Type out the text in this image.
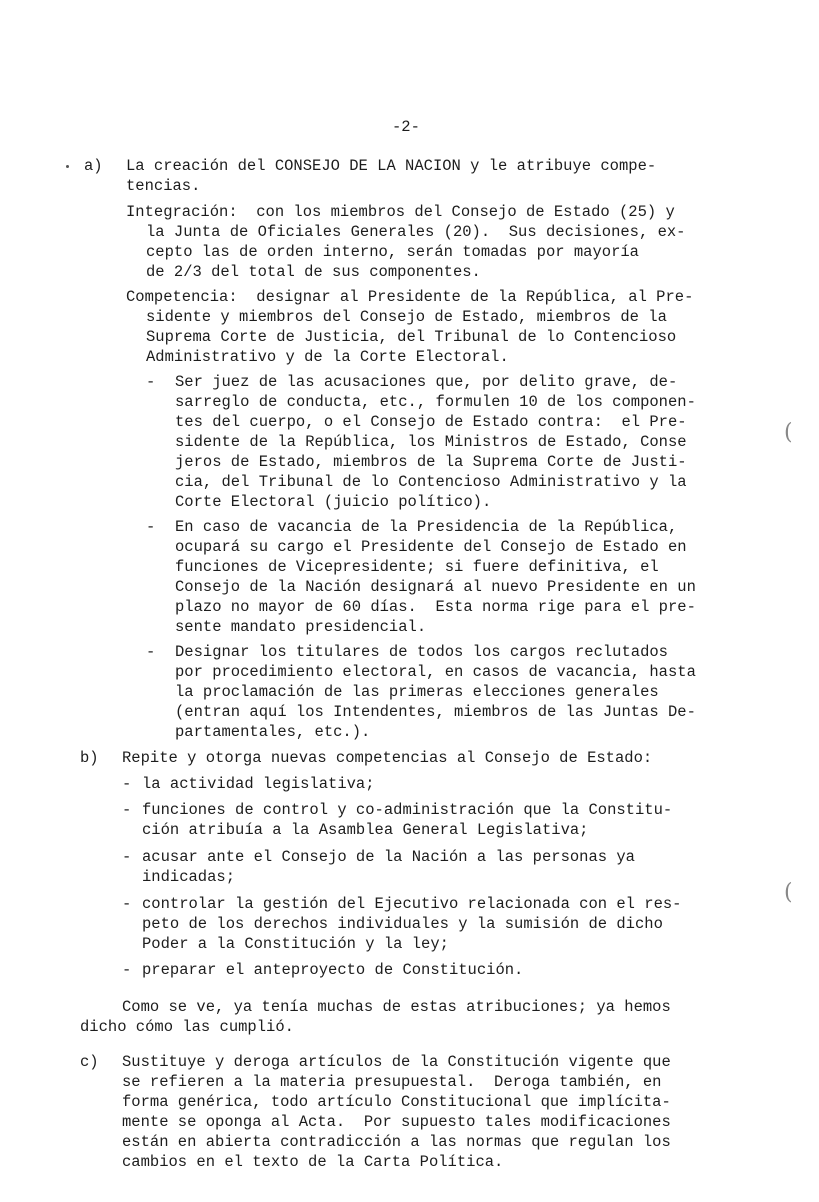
-2-
a) La creación del CONSEJO DE LA NACION y le atribuye compe-
tencias.
Integración:  con los miembros del Consejo de Estado (25) y
la Junta de Oficiales Generales (20).  Sus decisiones, ex-
cepto las de orden interno, serán tomadas por mayoría
de 2/3 del total de sus componentes.
Competencia:  designar al Presidente de la República, al Pre-
sidente y miembros del Consejo de Estado, miembros de la
Suprema Corte de Justicia, del Tribunal de lo Contencioso
Administrativo y de la Corte Electoral.
- Ser juez de las acusaciones que, por delito grave, de-
sarreglo de conducta, etc., formulen 10 de los componen-
tes del cuerpo, o el Consejo de Estado contra:  el Pre-
sidente de la República, los Ministros de Estado, Conse
jeros de Estado, miembros de la Suprema Corte de Justi-
cia, del Tribunal de lo Contencioso Administrativo y la
Corte Electoral (juicio político).
- En caso de vacancia de la Presidencia de la República,
ocupará su cargo el Presidente del Consejo de Estado en
funciones de Vicepresidente; si fuere definitiva, el
Consejo de la Nación designará al nuevo Presidente en un
plazo no mayor de 60 días.  Esta norma rige para el pre-
sente mandato presidencial.
- Designar los titulares de todos los cargos reclutados
por procedimiento electoral, en casos de vacancia, hasta
la proclamación de las primeras elecciones generales
(entran aquí los Intendentes, miembros de las Juntas De-
partamentales, etc.).
b) Repite y otorga nuevas competencias al Consejo de Estado:
- la actividad legislativa;
- funciones de control y co-administración que la Constitu-
ción atribuía a la Asamblea General Legislativa;
- acusar ante el Consejo de la Nación a las personas ya
indicadas;
- controlar la gestión del Ejecutivo relacionada con el res-
peto de los derechos individuales y la sumisión de dicho
Poder a la Constitución y la ley;
- preparar el anteproyecto de Constitución.
Como se ve, ya tenía muchas de estas atribuciones; ya hemos
dicho cómo las cumplió.
c) Sustituye y deroga artículos de la Constitución vigente que
se refieren a la materia presupuestal.  Deroga también, en
forma genérica, todo artículo Constitucional que implícita-
mente se oponga al Acta.  Por supuesto tales modificaciones
están en abierta contradicción a las normas que regulan los
cambios en el texto de la Carta Política.
(
(
